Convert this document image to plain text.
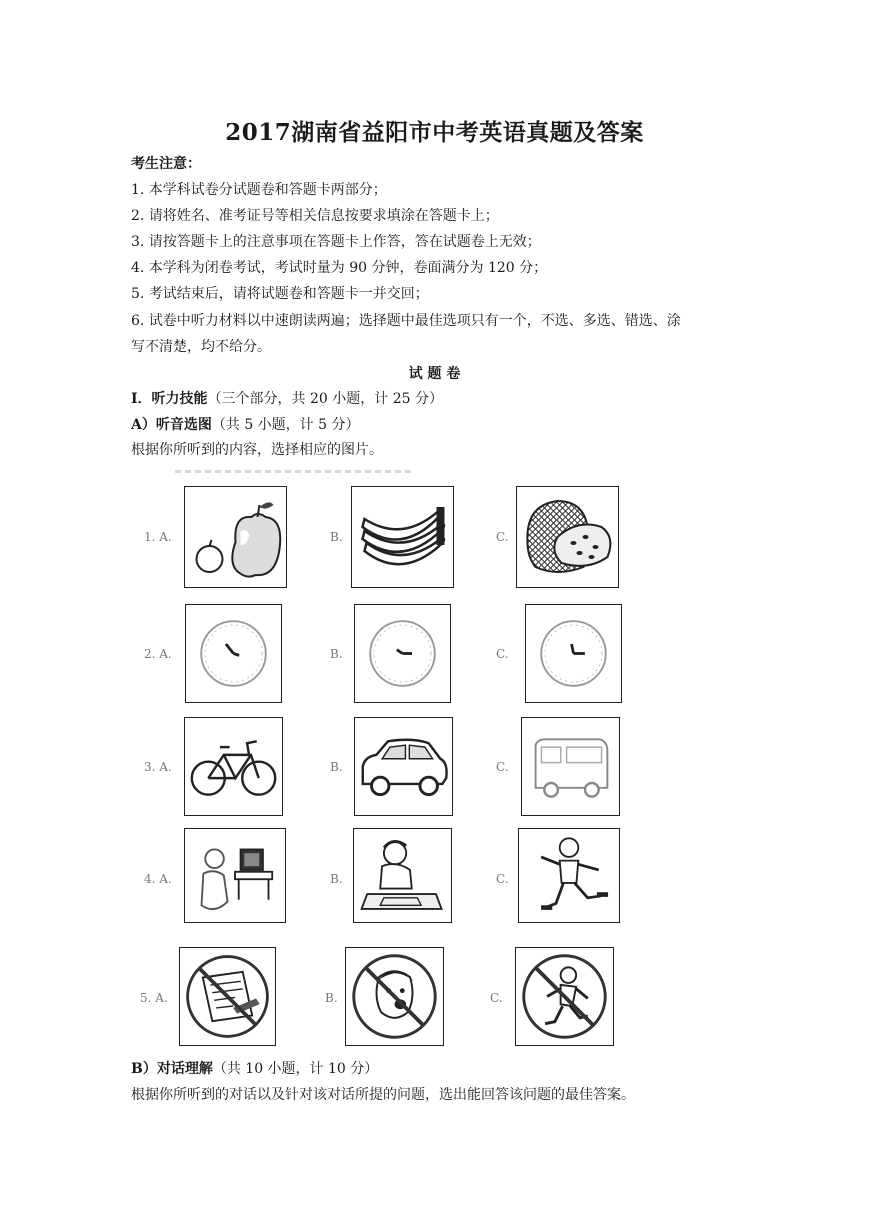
2017湖南省益阳市中考英语真题及答案
考生注意：
1. 本学科试卷分试题卷和答题卡两部分；
2. 请将姓名、准考证号等相关信息按要求填涂在答题卡上；
3. 请按答题卡上的注意事项在答题卡上作答，答在试题卷上无效；
4. 本学科为闭卷考试，考试时量为 90 分钟，卷面满分为 120 分；
5. 考试结束后，请将试题卷和答题卡一并交回；
6. 试卷中听力材料以中速朗读两遍；选择题中最佳选项只有一个，不选、多选、错选、涂
写不清楚，均不给分。
试 题 卷
Ⅰ．听力技能（三个部分，共 20 小题，计 25 分）
A）听音选图（共 5 小题，计 5 分）
根据你所听到的内容，选择相应的图片。
1. A.	B.	C.
2. A.	B.	C.
3. A.	B.	C.
4. A.	B.	C.
5. A.	B.	C.
B）对话理解（共 10 小题，计 10 分）
根据你所听到的对话以及针对该对话所提的问题，选出能回答该问题的最佳答案。
